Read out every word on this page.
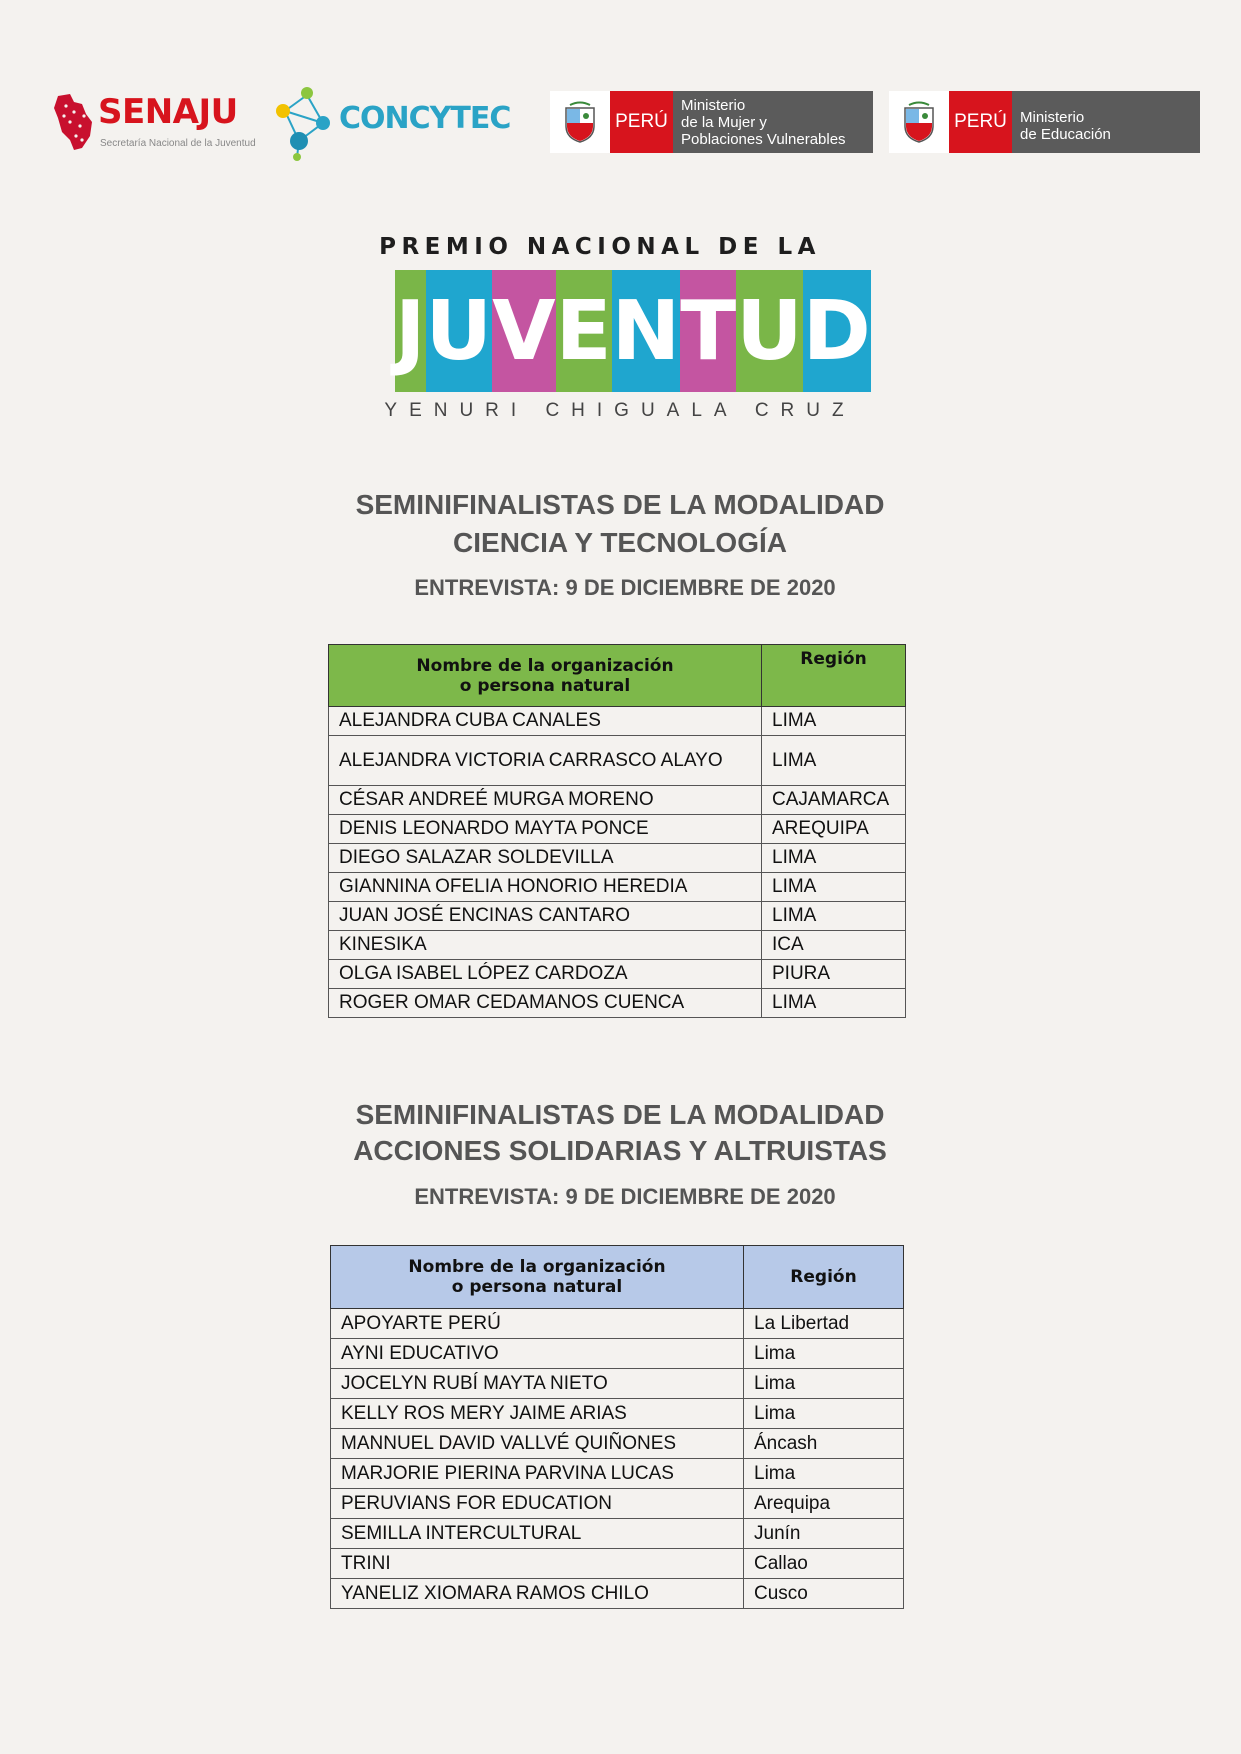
SENAJU
Secretaría Nacional de la Juventud
CONCYTEC	PERÚ
Ministerio
de la Mujer y
Poblaciones Vulnerables
PERÚ Ministerio
de Educación
PREMIO NACIONAL DE LA
J U V E N T U D
YENURI CHIGUALA CRUZ
SEMINIFINALISTAS DE LA MODALIDAD
CIENCIA Y TECNOLOGÍA
ENTREVISTA: 9 DE DICIEMBRE DE 2020
Nombre de la organización
o persona natural	Región
ALEJANDRA CUBA CANALES	LIMA
ALEJANDRA VICTORIA CARRASCO ALAYO	LIMA
CÉSAR ANDREÉ MURGA MORENO	CAJAMARCA
DENIS LEONARDO MAYTA PONCE	AREQUIPA
DIEGO SALAZAR SOLDEVILLA	LIMA
GIANNINA OFELIA HONORIO HEREDIA	LIMA
JUAN JOSÉ ENCINAS CANTARO	LIMA
KINESIKA	ICA
OLGA ISABEL LÓPEZ CARDOZA	PIURA
ROGER OMAR CEDAMANOS CUENCA	LIMA
SEMINIFINALISTAS DE LA MODALIDAD
ACCIONES SOLIDARIAS Y ALTRUISTAS
ENTREVISTA: 9 DE DICIEMBRE DE 2020
Nombre de la organización
o persona natural	Región
APOYARTE PERÚ	La Libertad
AYNI EDUCATIVO	Lima
JOCELYN RUBÍ MAYTA NIETO	Lima
KELLY ROS MERY JAIME ARIAS	Lima
MANNUEL DAVID VALLVÉ QUIÑONES	Áncash
MARJORIE PIERINA PARVINA LUCAS	Lima
PERUVIANS FOR EDUCATION	Arequipa
SEMILLA INTERCULTURAL	Junín
TRINI	Callao
YANELIZ XIOMARA RAMOS CHILO	Cusco
